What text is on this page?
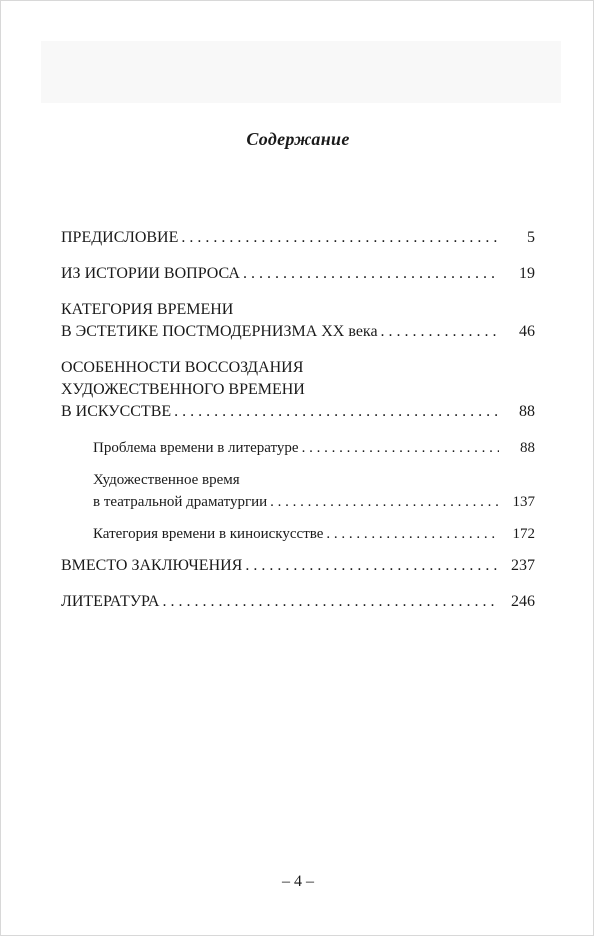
Содержание
ПРЕДИСЛОВИЕ . . .	5
ИЗ ИСТОРИИ ВОПРОСА . . .	19
КАТЕГОРИЯ ВРЕМЕНИ
В ЭСТЕТИКЕ ПОСТМОДЕРНИЗМА XX века . . .	46
ОСОБЕННОСТИ ВОССОЗДАНИЯ
ХУДОЖЕСТВЕННОГО ВРЕМЕНИ
В ИСКУССТВЕ . . .	88
Проблема времени в литературе . . .	88
Художественное время
в театральной драматургии . . .	137
Категория времени в киноискусстве . . .	172
ВМЕСТО ЗАКЛЮЧЕНИЯ . . .	237
ЛИТЕРАТУРА . . .	246
– 4 –
